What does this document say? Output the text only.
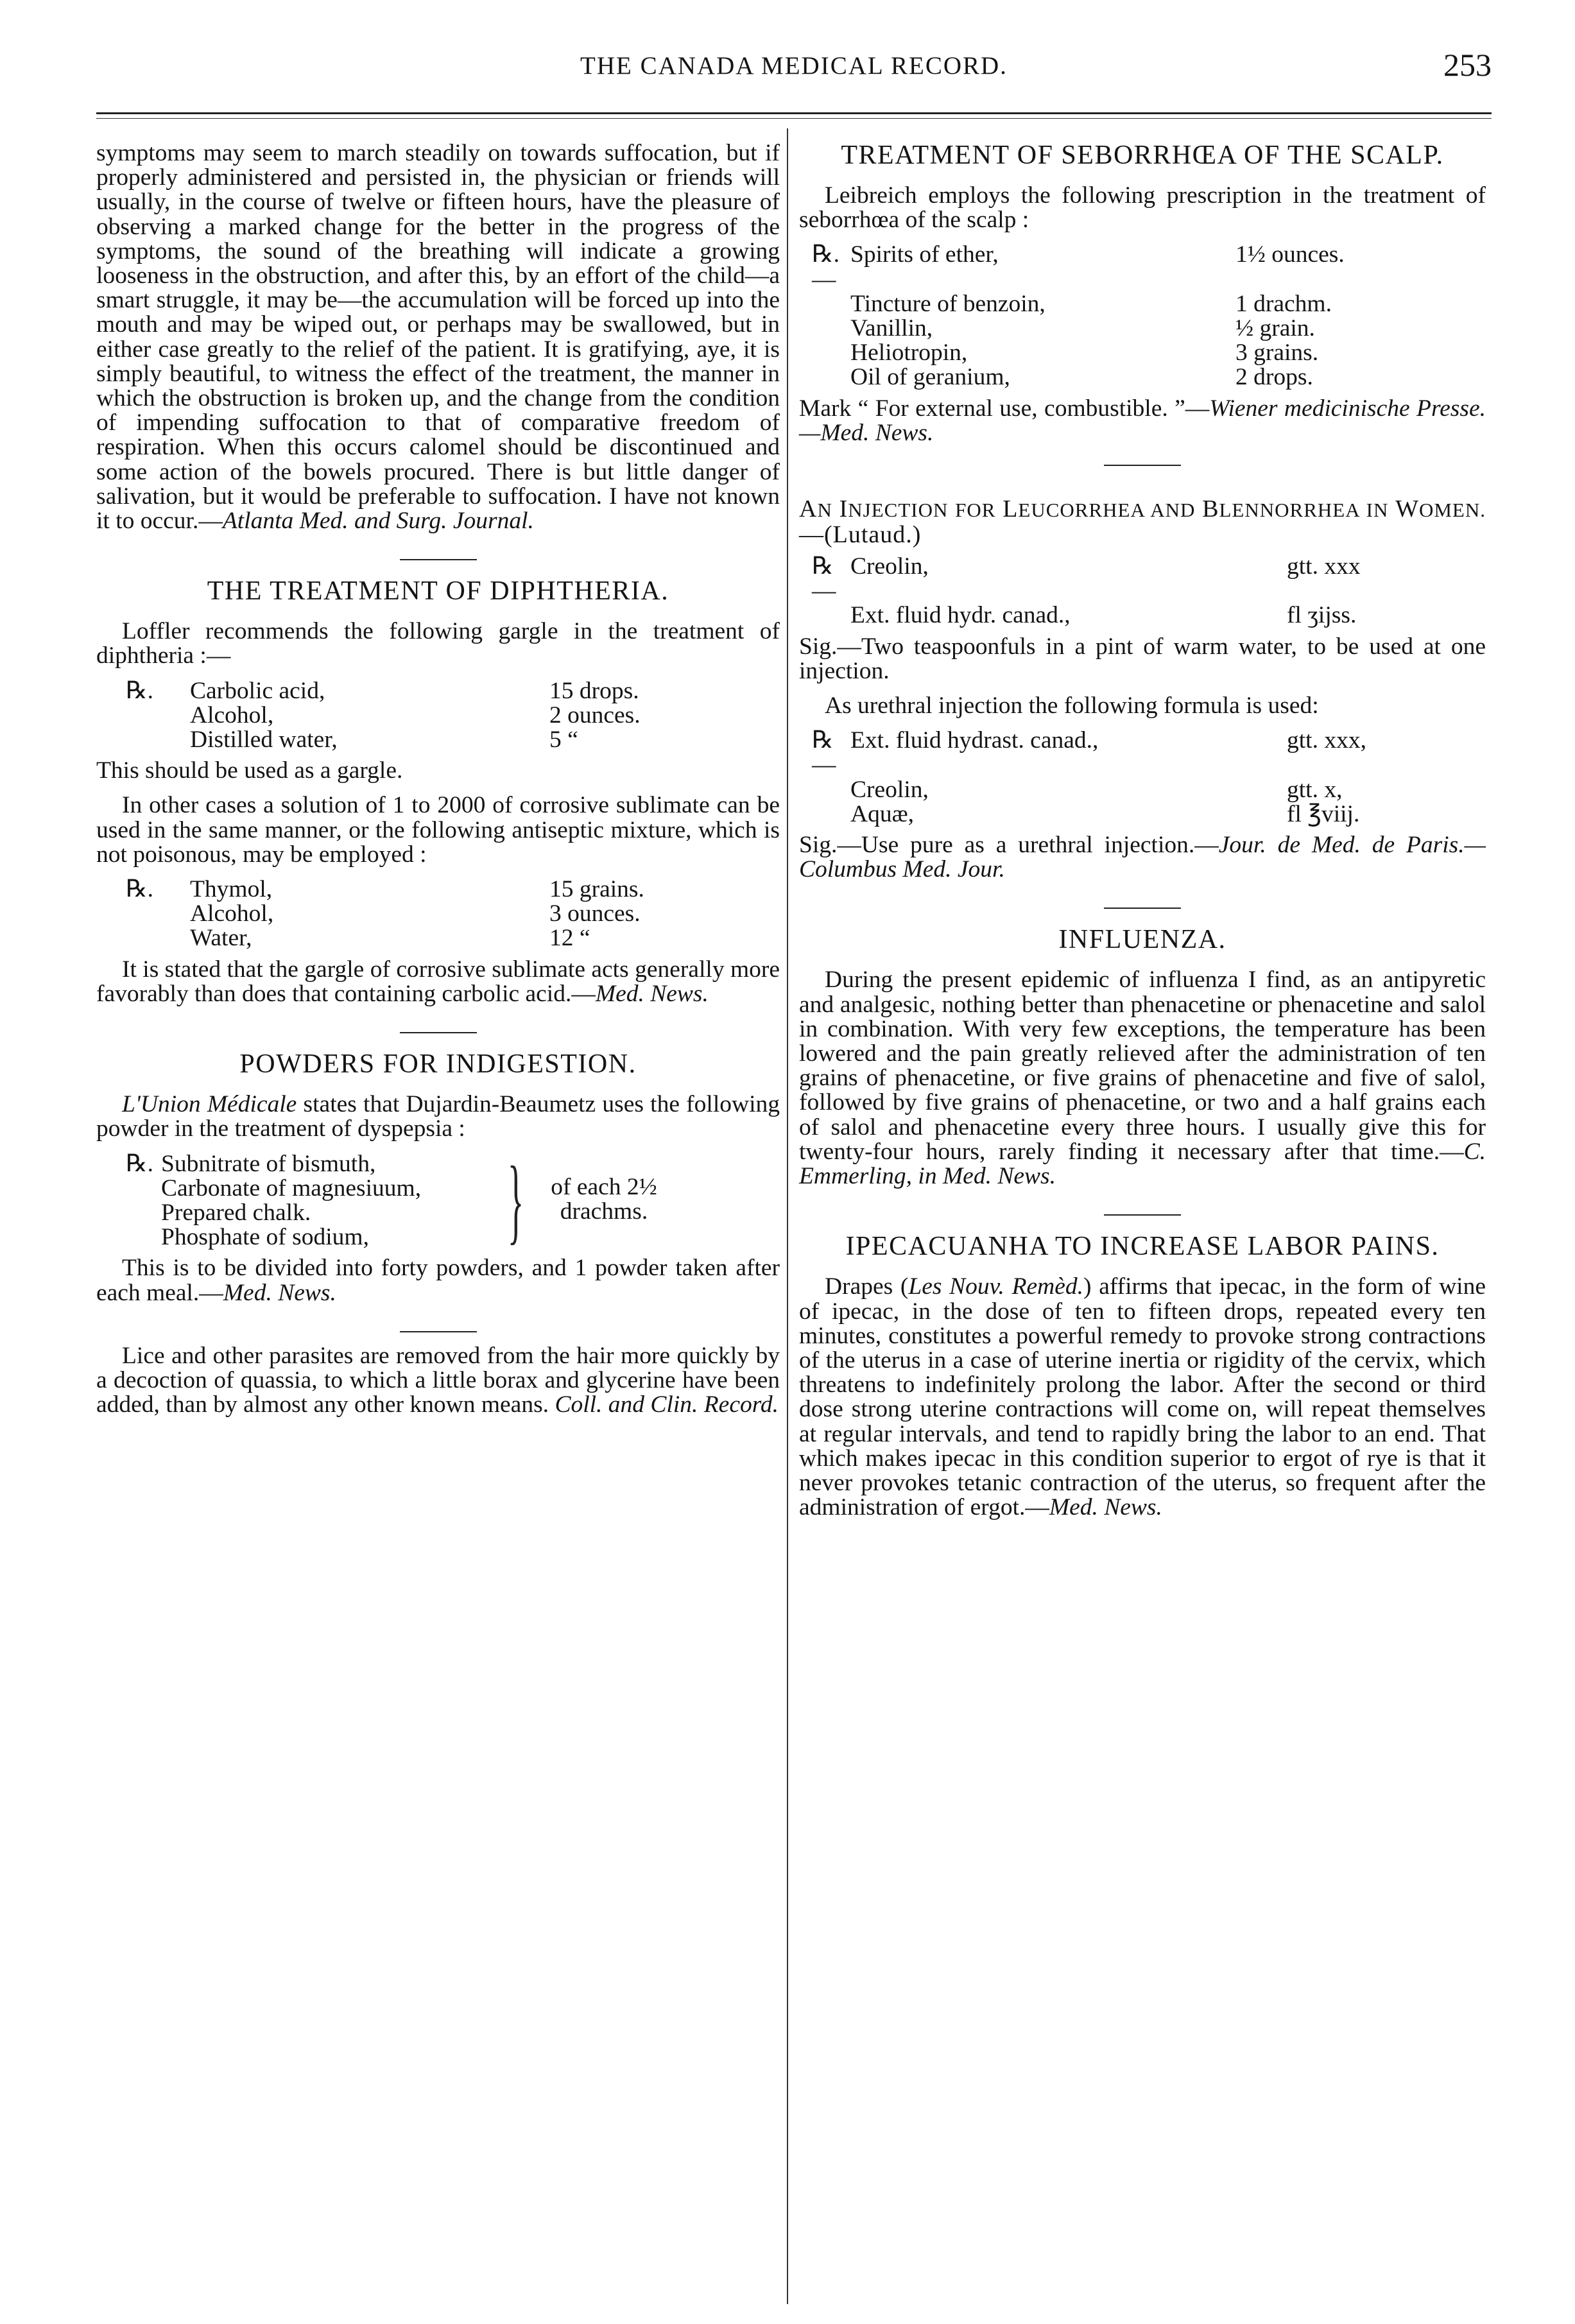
THE CANADA MEDICAL RECORD.	253

symptoms may seem to march steadily on towards suffocation, but if properly administered and persisted in, the physician or friends will usually, in the course of twelve or fifteen hours, have the pleasure of observing a marked change for the better in the progress of the symptoms, the sound of the breathing will indicate a growing looseness in the obstruction, and after this, by an effort of the child—a smart struggle, it may be—the accumulation will be forced up into the mouth and may be wiped out, or perhaps may be swallowed, but in either case greatly to the relief of the patient. It is gratifying, aye, it is simply beautiful, to witness the effect of the treatment, the manner in which the obstruction is broken up, and the change from the condition of impending suffocation to that of comparative freedom of respiration. When this occurs calomel should be discontinued and some action of the bowels procured. There is but little danger of salivation, but it would be preferable to suffocation. I have not known it to occur.—Atlanta Med. and Surg. Journal.

THE TREATMENT OF DIPHTHERIA.

Loffler recommends the following gargle in the treatment of diphtheria :—

℞.	Carbolic acid,	15 drops.
	Alcohol,	2 ounces.
	Distilled water,	5 “

This should be used as a gargle.

In other cases a solution of 1 to 2000 of corrosive sublimate can be used in the same manner, or the following antiseptic mixture, which is not poisonous, may be employed :

℞.	Thymol,	15 grains.
	Alcohol,	3 ounces.
	Water,	12 “

It is stated that the gargle of corrosive sublimate acts generally more favorably than does that containing carbolic acid.—Med. News.

POWDERS FOR INDIGESTION.

L'Union Médicale states that Dujardin-Beaumetz uses the following powder in the treatment of dyspepsia :

℞. Subnitrate of bismuth,
Carbonate of magnesiuum,
Prepared chalk.
Phosphate of sodium,	}	of each 2½ drachms.

This is to be divided into forty powders, and 1 powder taken after each meal.—Med. News.

Lice and other parasites are removed from the hair more quickly by a decoction of quassia, to which a little borax and glycerine have been added, than by almost any other known means. Coll. and Clin. Record.

TREATMENT OF SEBORRHŒA OF THE SCALP.

Leibreich employs the following prescription in the treatment of seborrhœa of the scalp :

℞.—	Spirits of ether,	1½ ounces.
	Tincture of benzoin,	1 drachm.
	Vanillin,	½ grain.
	Heliotropin,	3 grains.
	Oil of geranium,	2 drops.

Mark “ For external use, combustible. ”—Wiener medicinische Presse.—Med. News.

AN INJECTION FOR LEUCORRHEA AND BLENNORRHEA IN WOMEN.—(Lutaud.)
℞—	Creolin,	gtt. xxx
	Ext. fluid hydr. canad.,	fl ʒijss.

Sig.—Two teaspoonfuls in a pint of warm water, to be used at one injection.

As urethral injection the following formula is used:

℞—	Ext. fluid hydrast. canad.,	gtt. xxx,
	Creolin,	gtt. x,
	Aquæ,	fl ℥viij.

Sig.—Use pure as a urethral injection.—Jour. de Med. de Paris.—Columbus Med. Jour.

INFLUENZA.

During the present epidemic of influenza I find, as an antipyretic and analgesic, nothing better than phenacetine or phenacetine and salol in combination. With very few exceptions, the temperature has been lowered and the pain greatly relieved after the administration of ten grains of phenacetine, or five grains of phenacetine and five of salol, followed by five grains of phenacetine, or two and a half grains each of salol and phenacetine every three hours. I usually give this for twenty-four hours, rarely finding it necessary after that time.—C. Emmerling, in Med. News.

IPECACUANHA TO INCREASE LABOR PAINS.

Drapes (Les Nouv. Remèd.) affirms that ipecac, in the form of wine of ipecac, in the dose of ten to fifteen drops, repeated every ten minutes, constitutes a powerful remedy to provoke strong contractions of the uterus in a case of uterine inertia or rigidity of the cervix, which threatens to indefinitely prolong the labor. After the second or third dose strong uterine contractions will come on, will repeat themselves at regular intervals, and tend to rapidly bring the labor to an end. That which makes ipecac in this condition superior to ergot of rye is that it never provokes tetanic contraction of the uterus, so frequent after the administration of ergot.—Med. News.
